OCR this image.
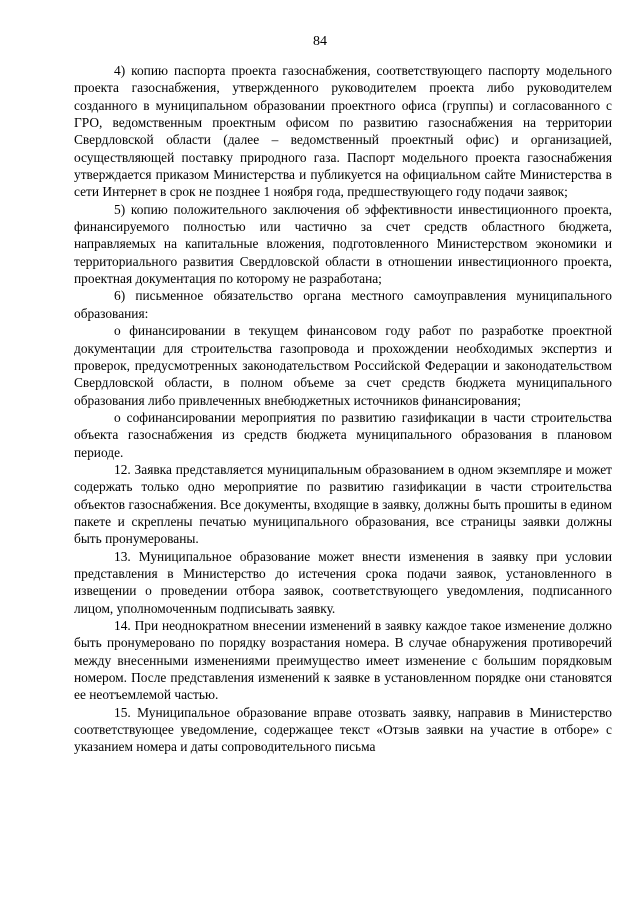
84

4) копию паспорта проекта газоснабжения, соответствующего паспорту модельного проекта газоснабжения, утвержденного руководителем проекта либо руководителем созданного в муниципальном образовании проектного офиса (группы) и согласованного с ГРО, ведомственным проектным офисом по развитию газоснабжения на территории Свердловской области (далее – ведомственный проектный офис) и организацией, осуществляющей поставку природного газа. Паспорт модельного проекта газоснабжения утверждается приказом Министерства и публикуется на официальном сайте Министерства в сети Интернет в срок не позднее 1 ноября года, предшествующего году подачи заявок;

5) копию положительного заключения об эффективности инвестиционного проекта, финансируемого полностью или частично за счет средств областного бюджета, направляемых на капитальные вложения, подготовленного Министерством экономики и территориального развития Свердловской области в отношении инвестиционного проекта, проектная документация по которому не разработана;

6) письменное обязательство органа местного самоуправления муниципального образования:

о финансировании в текущем финансовом году работ по разработке проектной документации для строительства газопровода и прохождении необходимых экспертиз и проверок, предусмотренных законодательством Российской Федерации и законодательством Свердловской области, в полном объеме за счет средств бюджета муниципального образования либо привлеченных внебюджетных источников финансирования;

о софинансировании мероприятия по развитию газификации в части строительства объекта газоснабжения из средств бюджета муниципального образования в плановом периоде.

12. Заявка представляется муниципальным образованием в одном экземпляре и может содержать только одно мероприятие по развитию газификации в части строительства объектов газоснабжения. Все документы, входящие в заявку, должны быть прошиты в едином пакете и скреплены печатью муниципального образования, все страницы заявки должны быть пронумерованы.

13. Муниципальное образование может внести изменения в заявку при условии представления в Министерство до истечения срока подачи заявок, установленного в извещении о проведении отбора заявок, соответствующего уведомления, подписанного лицом, уполномоченным подписывать заявку.

14. При неоднократном внесении изменений в заявку каждое такое изменение должно быть пронумеровано по порядку возрастания номера. В случае обнаружения противоречий между внесенными изменениями преимущество имеет изменение с большим порядковым номером. После представления изменений к заявке в установленном порядке они становятся ее неотъемлемой частью.

15. Муниципальное образование вправе отозвать заявку, направив в Министерство соответствующее уведомление, содержащее текст «Отзыв заявки на участие в отборе» с указанием номера и даты сопроводительного письма
